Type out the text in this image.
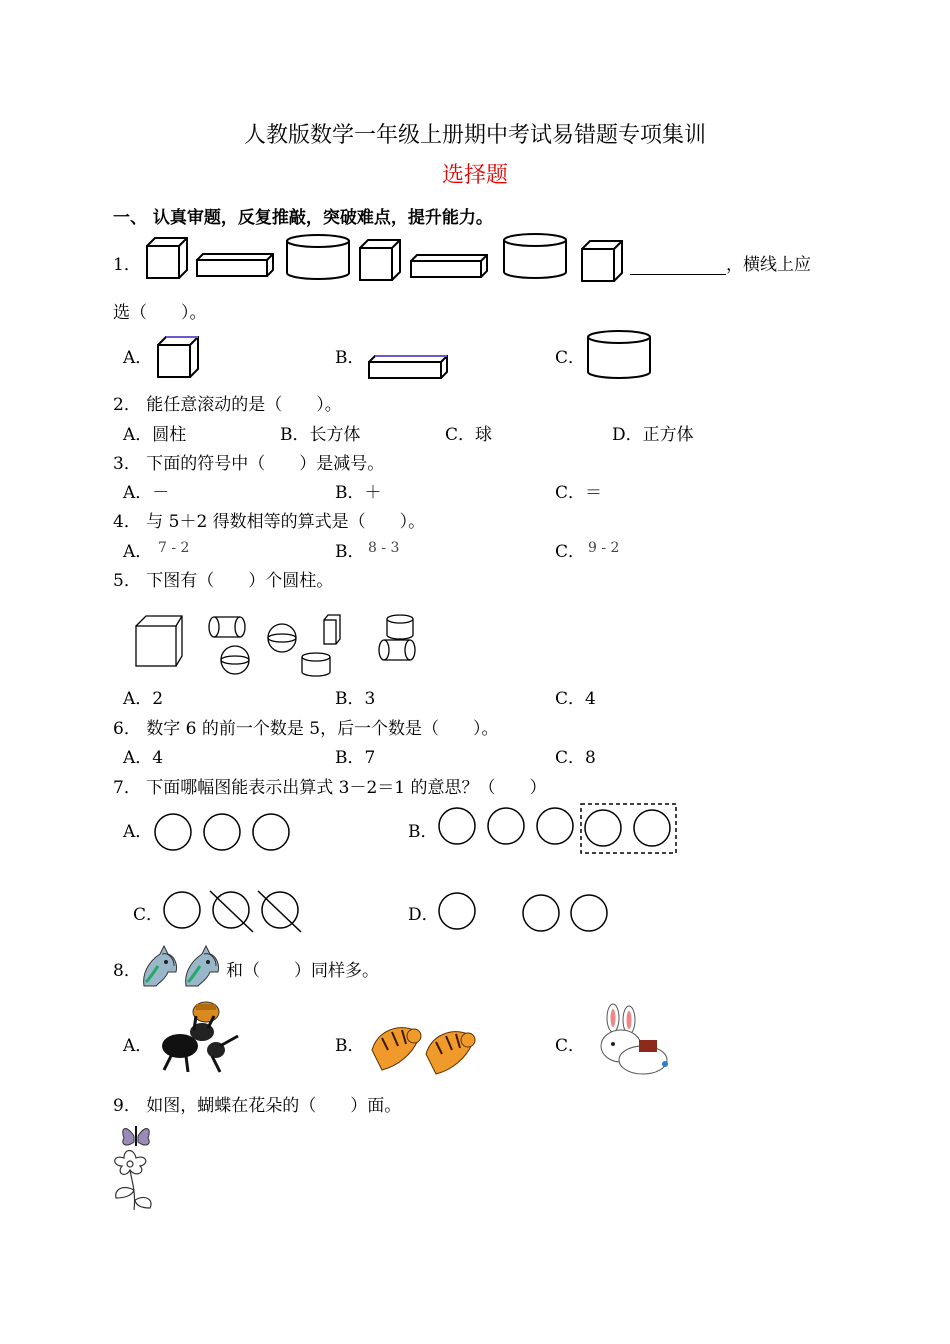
人教版数学一年级上册期中考试易错题专项集训
选择题
一、 认真审题，反复推敲，突破难点，提升能力。
1．	，横线上应
选（　　）。
A．	B．	C．
2． 能任意滚动的是（　　）。
A．圆柱	B．长方体	C．球	D．正方体
3． 下面的符号中（　　）是减号。
A．－	B．＋	C．＝
4． 与 5＋2 得数相等的算式是（　　）。
A． 7 - 2	B． 8 - 3	C． 9 - 2
5． 下图有（　　）个圆柱。
A．2	B．3	C．4
6． 数字 6 的前一个数是 5，后一个数是（　　）。
A．4	B．7	C．8
7． 下面哪幅图能表示出算式 3－2＝1 的意思？（　　）
A．	B．
C．	D．
8．	和（　　）同样多。
A．	B．	C．
9． 如图，蝴蝶在花朵的（　　）面。
